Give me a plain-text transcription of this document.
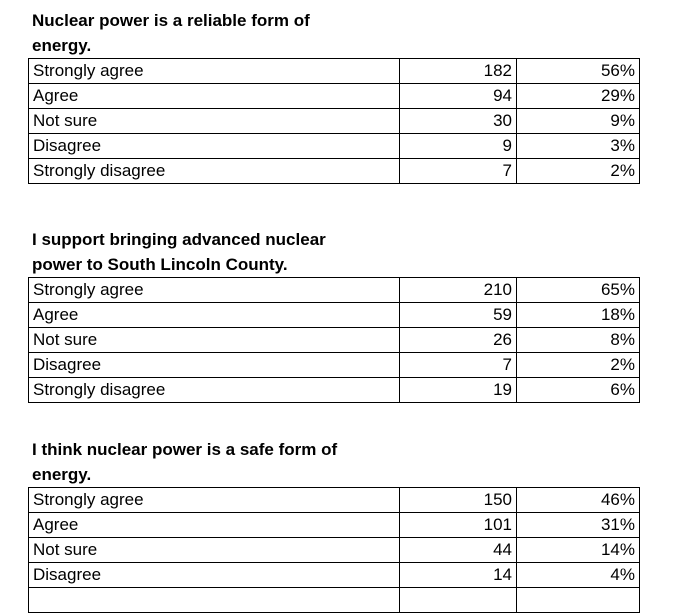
Nuclear power is a reliable form of energy.
Strongly agree	182	56%
Agree	94	29%
Not sure	30	9%
Disagree	9	3%
Strongly disagree	7	2%
I support bringing advanced nuclear power to South Lincoln County.
Strongly agree	210	65%
Agree	59	18%
Not sure	26	8%
Disagree	7	2%
Strongly disagree	19	6%
I think nuclear power is a safe form of energy.
Strongly agree	150	46%
Agree	101	31%
Not sure	44	14%
Disagree	14	4%
